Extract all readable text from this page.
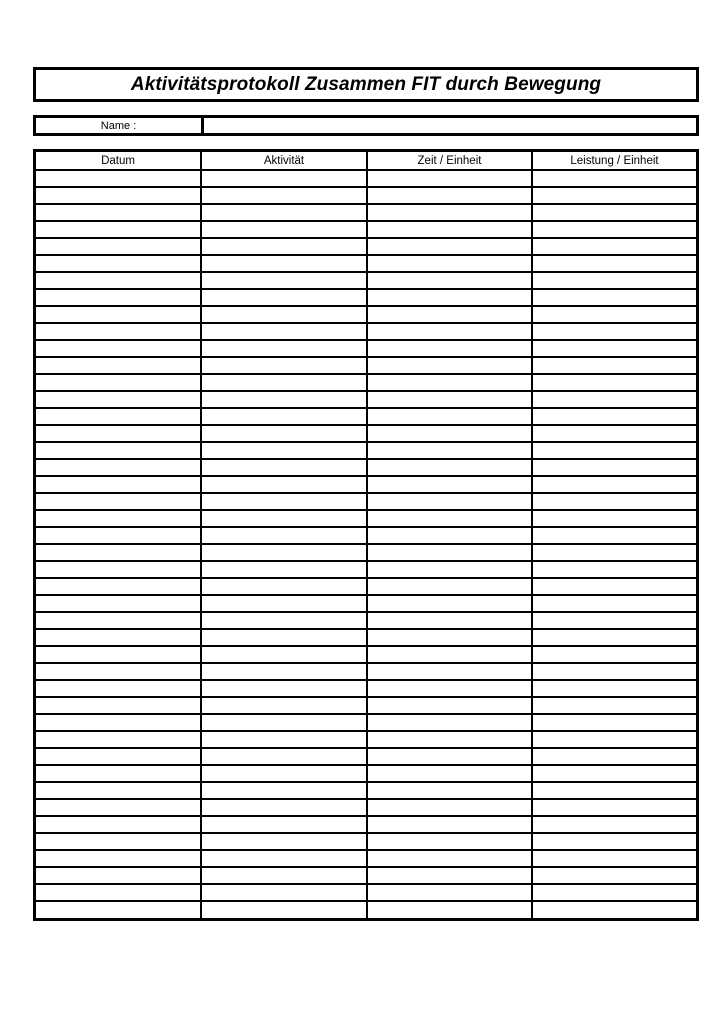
Aktivitätsprotokoll Zusammen FIT durch Bewegung
Name :
Datum	Aktivität	Zeit / Einheit	Leistung / Einheit
